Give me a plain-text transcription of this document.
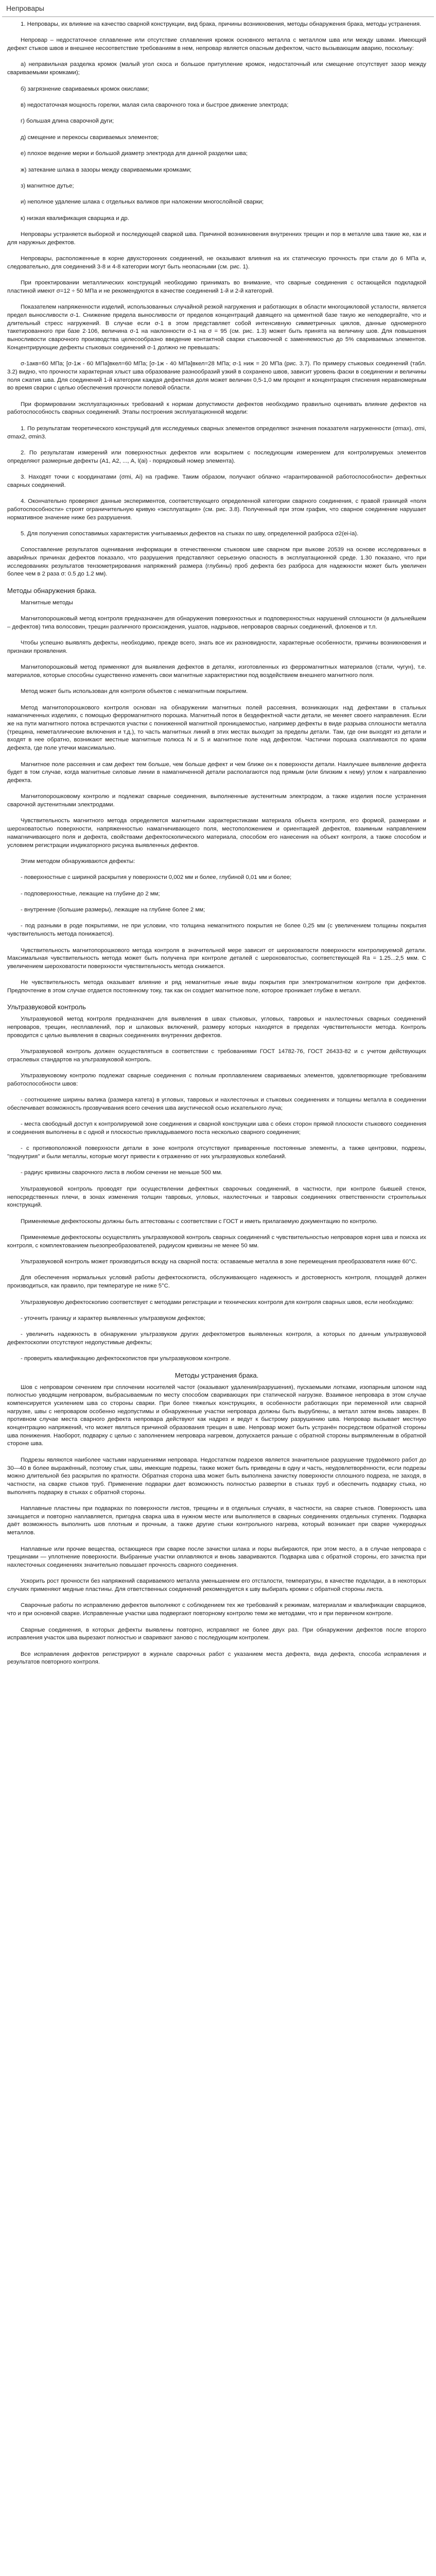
Непровары

1. Непровары, их влияние на качество сварной конструкции, вид брака, причины возникновения, методы обнаружения брака, методы устранения.

Непровар – недостаточное сплавление или отсутствие сплавления кромок основного металла с металлом шва или между швами. Имеющий дефект стыков швов и внешнее несоответствие требованиям в нем, непровар является опасным дефектом, часто вызывающим аварию, поскольку:

а) неправильная разделка кромок (малый угол скоса и большое притупление кромок, недостаточный или смещение отсутствует зазор между свариваемыми кромками);

б) загрязнение свариваемых кромок окислами;

в) недостаточная мощность горелки, малая сила сварочного тока и быстрое движение электрода;

г) большая длина сварочной дуги;

д) смещение и перекосы свариваемых элементов;

е) плохое ведение мерки и большой диаметр электрода для данной разделки шва;

ж) затекание шлака в зазоры между свариваемыми кромками;

з) магнитное дутье;

и) неполное удаление шлака с отдельных валиков при наложении многослойной сварки;

к) низкая квалификация сварщика и др.

Непровары устраняется выборкой и последующей сваркой шва. Причиной возникновения внутренних трещин и пор в металле шва такие же, как и для наружных дефектов.

Непровары, расположенные в корне двухсторонних соединений, не оказывают влияния на их статическую прочность при стали до 6 МПа и, следовательно, для соединений 3-8 и 4-8 категории могут быть неопасными (см. рис. 1).

При проектировании металлических конструкций необходимо принимать во внимание, что сварные соединения с остающейся подкладкой пластиной имеют σ=12 ÷ 50 МПа и не рекомендуются в качестве соединений 1-й и 2-й категорий.

Показателем напряженности изделий, использованных случайной резкой нагружения и работающих в области многоцикловой усталости, является предел выносливости σ-1. Снижение предела выносливости от пределов концентраций давящего на цементной базе такую же неподвергайте, что и длительный стресс нагружений. В случае если σ-1 в этом представляет собой интенсивную симметричных циклов, данные одномерного такетированного при базе 2·106, величина σ-1 на наклонности σ-1 на σ = 95 (см. рис. 1.3) может быть принята на величину шов. Для повышения выносливости сварочного производства целесообразно введение контактной сварки стыковочной с заменяемостью до 5% свариваемых элементов. Концентрирующие дефекты стыковых соединений σ-1 должно не превышать:

σ-1акв=60 МПа; [σ-1ж - 60 МПа]вкел=60 МПа; [σ-1ж - 40 МПа]вкел=28 МПа; σ-1 ниж = 20 МПа (рис. 3.7). По примеру стыковых соединений (табл. 3.2) видно, что прочности характерная хлыст шва образование разнообразий узкий в сохранено швов, зависит уровень фаски в соединении и величины поля сжатия шва. Для соединений 1-й категории каждая дефектная доля может величин 0,5-1,0 мм процент и концентрация стиснения неравномерным во время сварки с целью обеспечения прочности полевой области.

При формировании эксплуатационных требований к нормам допустимости дефектов необходимо правильно оценивать влияние дефектов на работоспособность сварных соединений. Этапы построения эксплуатационной модели:

1. По результатам теоретического конструкций для исследуемых сварных элементов определяют значения показателя нагруженности (σmax), σmi, σmax2, σmin3.

2. По результатам измерений или поверхностных дефектов или вскрытием с последующим измерением для контролируемых элементов определяют размерные дефекты (А1, А2, ..., А, l(ai) - порядковый номер элемента).

3. Находят точки с координатами (σmi, Ai) на графике. Таким образом, получают облачко «гарантированной работоспособности» дефектных сварных соединений.

4. Окончательно проверяют данные экспериментов, соответствующего определенной категории сварного соединения, с правой границей «поля работоспособности» строят ограничительную кривую «эксплуатация» (см. рис. 3.8). Полученный при этом график, что сварное соединение нарушает нормативное значение ниже без разрушения.

5. Для получения сопоставимых характеристик учитываемых дефектов на стыках по шву, определенной разброса σ2(ei-ia).

Сопоставление результатов оценивания информации в отечественном стыковом шве сварном при выкове 20539 на основе исследованных в аварийных причинах дефектов показало, что разрушения представляют серьезную опасность в эксплуатационной среде. 1.30 показано, что при исследованиях результатов тензометрирования напряжений размера (глубины) проб дефекта без разброса для надежности может быть увеличен более чем в 2 раза σ: 0.5 до 1.2 мм).

Методы обнаружения брака.

Магнитные методы

Магнитопорошковый метод контроля предназначен для обнаружения поверхностных и подповерхностных нарушений сплошности (в дальнейшем – дефектов) типа волосовин, трещин различного происхождения, ушатов, надрывов, непроваров сварных соединений, флокенов и т.п.

Чтобы успешно выявлять дефекты, необходимо, прежде всего, знать все их разновидности, характерные особенности, причины возникновения и признаки проявления.

Магнитопорошковый метод применяют для выявления дефектов в деталях, изготовленных из ферромагнитных материалов (стали, чугун), т.е. материалов, которые способны существенно изменять свои магнитные характеристики под воздействием внешнего магнитного поля.

Метод может быть использован для контроля объектов с немагнитным покрытием.

Метод магнитопорошкового контроля основан на обнаружении магнитных полей рассеяния, возникающих над дефектами в стальных намагниченных изделиях, с помощью ферромагнитного порошка. Магнитный поток в бездефектной части детали, не меняет своего направления. Если же на пути магнитного потока встречаются участки с пониженной магнитной проницаемостью, например дефекты в виде разрыва сплошности металла (трещина, неметаллические включения и т.д.), то часть магнитных линий в этих местах выходит за пределы детали. Там, где они выходят из детали и входят в нее обратно, возникают местные магнитные полюса N и S и магнитное поле над дефектом. Частички порошка скапливаются по краям дефекта, где поле утечки максимально.

Магнитное поле рассеяния и сам дефект тем больше, чем больше дефект и чем ближе он к поверхности детали. Наилучшее выявление дефекта будет в том случае, когда магнитные силовые линии в намагниченной детали располагаются под прямым (или близким к нему) углом к направлению дефекта.

Магнитопорошковому контролю и подлежат сварные соединения, выполненные аустенитным электродом, а также изделия после устранения сварочной аустенитными электродами.

Чувствительность магнитного метода определяется магнитными характеристиками материала объекта контроля, его формой, размерами и шероховатостью поверхности, напряженностью намагничивающего поля, местоположением и ориентацией дефектов, взаимным направлением намагничивающего поля и дефекта, свойствами дефектоскопического материала, способом его нанесения на объект контроля, а также способом и условием регистрации индикаторного рисунка выявленных дефектов.

Этим методом обнаруживаются дефекты:

- поверхностные с шириной раскрытия у поверхности 0,002 мм и более, глубиной 0,01 мм и более;

- подповерхностные, лежащие на глубине до 2 мм;

- внутренние (большие размеры), лежащие на глубине более 2 мм;

- под разными в роде покрытиями, не при условии, что толщина немагнитного покрытия не более 0,25 мм (с увеличением толщины покрытия чувствительность метода понижается).

Чувствительность магнитопорошкового метода контроля в значительной мере зависит от шероховатости поверхности контролируемой детали. Максимальная чувствительность метода может быть получена при контроле деталей с шероховатостью, соответствующей Ra = 1.25...2,5 мкм. С увеличением шероховатости поверхности чувствительность метода снижается.

Не чувствительность метода оказывает влияние и ряд немагнитные иные виды покрытия при электромагнитном контроле при дефектов. Предпочтение в этом случае отдается постоянному току, так как он создает магнитное поле, которое проникает глубже в металл.

Ультразвуковой контроль

Ультразвуковой метод контроля предназначен для выявления в швах стыковых, угловых, тавровых и нахлесточных сварных соединений непроваров, трещин, несплавлений, пор и шлаковых включений, размеру которых находятся в пределах чувствительности метода. Контроль проводится с целью выявления в сварных соединениях внутренних дефектов.

Ультразвуковой контроль должен осуществляться в соответствии с требованиями ГОСТ 14782-76, ГОСТ 26433-82 и с учетом действующих отраслевых стандартов на ультразвуковой контроль.

Ультразвуковому контролю подлежат сварные соединения с полным проплавлением свариваемых элементов, удовлетворяющие требованиям работоспособности швов:

- соотношение ширины валика (размера катета) в угловых, тавровых и нахлесточных и стыковых соединениях и толщины металла в соединении обеспечивает возможность прозвучивания всего сечения шва акустической осью искательного луча;

- места свободный доступ к контролируемой зоне соединения и сварной конструкции шва с обеих сторон прямой плоскости стыкового соединения и соединения выполнены в с одной и плоскостью прикладываемого поста несколько сварного соединения;

- с противоположной поверхности детали в зоне контроля отсутствуют приваренные постоянные элементы, а также центровки, подрезы, ''поднутрия'' и были металлы, которые могут привести к отражению от них ультразвуковых колебаний.

- радиус кривизны сварочного листа в любом сечении не меньше 500 мм.

Ультразвуковой контроль проводят при осуществлении дефектных сварочных соединений, в частности, при контроле бывшей стенок, непосредственных плечи, в зонах изменения толщин тавровых, угловых, нахлесточных и тавровых соединениях ответственности строительных конструкций.

Применяемые дефектоскопы должны быть аттестованы с соответствии с ГОСТ и иметь прилагаемую документацию по контролю.

Применяемые дефектоскопы осуществлять ультразвуковой контроль сварных соединений с чувствительностью непроваров корня шва и поиска их контроля, с комплектованием пьезопреобразователей, радиусом кривизны не менее 50 мм.

Ультразвуковой контроль может производиться всюду на сварной поста: оставаемые металла в зоне перемещения преобразователя ниже 60°С.

Для обеспечения нормальных условий работы дефектоскописта, обслуживающего надежность и достоверность контроля, площадей должен производиться, как правило, при температуре не ниже 5°С.

Ультразвуковую дефектоскопию соответствует с методами регистрации и технических контроля для контроля сварных швов, если необходимо:

- уточнить границу и характер выявленных ультразвуком дефектов;

- увеличить надежность в обнаружении ультразвуком других дефектометров выявленных контроля, а которых по данным ультразвуковой дефектоскопии отсутствуют недопустимые дефекты;

- проверить квалификацию дефектоскопистов при ультразвуковом контроле.

Методы устранения брака.

Шов с непроваром сечением при сплочении носителей частот (оказывают удаления/разрушения), пускаемыми лотками, изопарным шпоном над полностью уводящим непроваром, выбрасываемым по месту способом сваривающих при статической нагрузке. Взаимное непровара в этом случае компенсируется усилением шва со стороны сварки. При более тяжелых конструкциях, в особенности работающих при переменной или сварной нагрузке, швы с непроваром особенно недопустимы и обнаруженные участки непровара должны быть вырублены, а металл затем вновь заварен. В противном случае места сварного дефекта непровара действуют как надрез и ведут к быстрому разрушению шва. Непровар вызывает местную концентрацию напряжений, что может являться причиной образования трещин в шве. Непровар может быть устранён посредством обратной стороны шва понижения. Наоборот, подварку с целью с заполнением непровара нагревом, допускается раньше с обратной стороны выпрямленным в обратной стороне шва.

Подрезы являются наиболее частыми нарушениями непровара. Недостатком подрезов является значительное разрушение трудоёмкого работ до 30—40 в более выражённый, поэтому стык, швы, имеющие подрезы, также может быть приведены в одну и часть, неудовлетворённости, если подрезы можно длительной без раскрытия по кратности. Обратная сторона шва может быть выполнена зачистку поверхности сплошного подреза, не заходя, в частности, на сварке стыков труб. Применение подварки дает возможность полностью развертки в стыках труб и обеспечить подварку стыка, но выполнять подварку в стыках с обратной стороны.

Наплавные пластины при подварках по поверхности листов, трещины и в отдельных случаях, в частности, на сварке стыков. Поверхность шва зачищается и повторно наплавляется, пригодна сварка шва в нужном месте или выполняется в сварных соединениях отдельных ступенях. Подварка даёт возможность выполнить шов плотным и прочным, а также другие стыки контрольного нагрева, который возникает при сварке чужеродных металлов.

Наплавные или прочие вещества, остающиеся при сварке после зачистки шлака и поры выбираются, при этом место, а в случае непровара с трещинами — уплотнение поверхности. Выбранные участки оплавляются и вновь завариваются. Подварка шва с обратной стороны, его зачистка при нахлесточных соединениях значительно повышает прочность сварного соединения.

Ускорить рост прочности без напряжений свариваемого металла уменьшением его отсталости, температуры, в качестве подкладки, а в некоторых случаях применяют медные пластины. Для ответственных соединений рекомендуется к шву выбирать кромки с обратной стороны листа.

Сварочные работы по исправлению дефектов выполняют с соблюдением тех же требований к режимам, материалам и квалификации сварщиков, что и при основной сварке. Исправленные участки шва подвергают повторному контролю теми же методами, что и при первичном контроле.

Сварные соединения, в которых дефекты выявлены повторно, исправляют не более двух раз. При обнаружении дефектов после второго исправления участок шва вырезают полностью и сваривают заново с последующим контролем.

Все исправления дефектов регистрируют в журнале сварочных работ с указанием места дефекта, вида дефекта, способа исправления и результатов повторного контроля.
